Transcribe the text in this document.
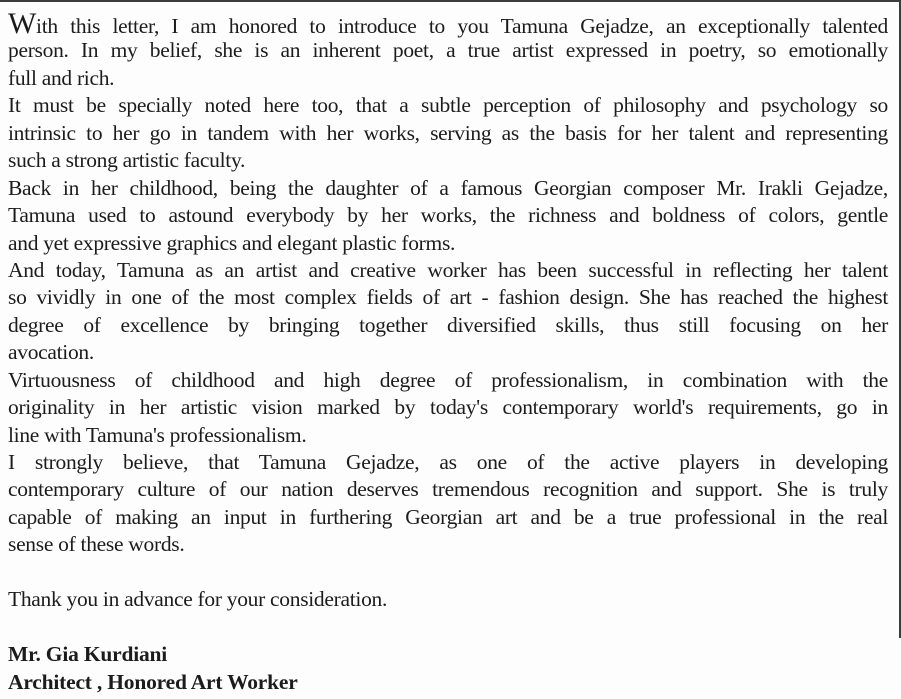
With this letter, I am honored to introduce to you Tamuna Gejadze, an exceptionally talented
person. In my belief, she is an inherent poet, a true artist expressed in poetry, so emotionally
full and rich.
It must be specially noted here too, that a subtle perception of philosophy and psychology so
intrinsic to her go in tandem with her works, serving as the basis for her talent and representing
such a strong artistic faculty.
Back in her childhood, being the daughter of a famous Georgian composer Mr. Irakli Gejadze,
Tamuna used to astound everybody by her works, the richness and boldness of colors, gentle
and yet expressive graphics and elegant plastic forms.
And today, Tamuna as an artist and creative worker has been successful in reflecting her talent
so vividly in one of the most complex fields of art - fashion design. She has reached the highest
degree of excellence by bringing together diversified skills, thus still focusing on her
avocation.
Virtuousness of childhood and high degree of professionalism, in combination with the
originality in her artistic vision marked by today's contemporary world's requirements, go in
line with Tamuna's professionalism.
I strongly believe, that Tamuna Gejadze, as one of the active players in developing
contemporary culture of our nation deserves tremendous recognition and support. She is truly
capable of making an input in furthering Georgian art and be a true professional in the real
sense of these words.

Thank you in advance for your consideration.

Mr. Gia Kurdiani
Architect , Honored Art Worker
